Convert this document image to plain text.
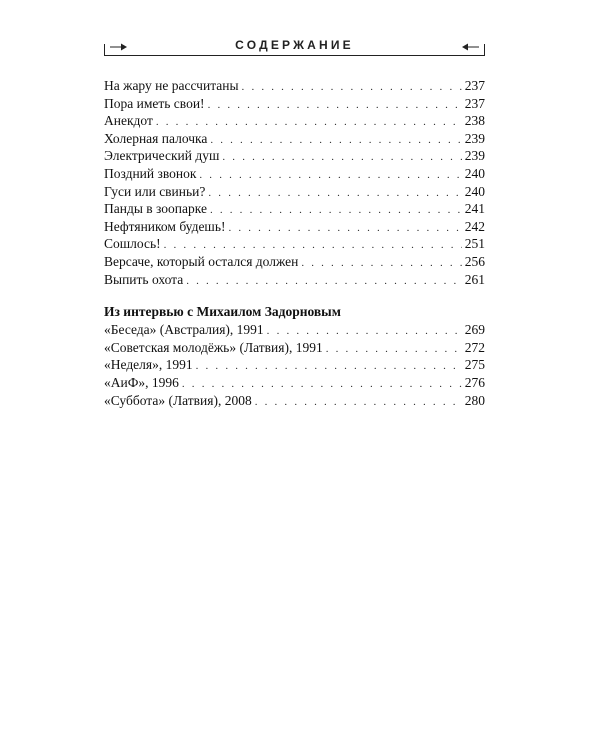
СОДЕРЖАНИЕ
На жару не рассчитаны . . .	237
Пора иметь свои! . . .	237
Анекдот . . .	238
Холерная палочка . . .	239
Электрический душ . . .	239
Поздний звонок . . .	240
Гуси или свиньи? . . .	240
Панды в зоопарке . . .	241
Нефтяником будешь! . . .	242
Сошлось! . . .	251
Версаче, который остался должен . . .	256
Выпить охота . . .	261
Из интервью с Михаилом Задорновым
«Беседа» (Австралия), 1991 . . .	269
«Советская молодёжь» (Латвия), 1991 . . .	272
«Неделя», 1991 . . .	275
«АиФ», 1996 . . .	276
«Суббота» (Латвия), 2008 . . .	280
